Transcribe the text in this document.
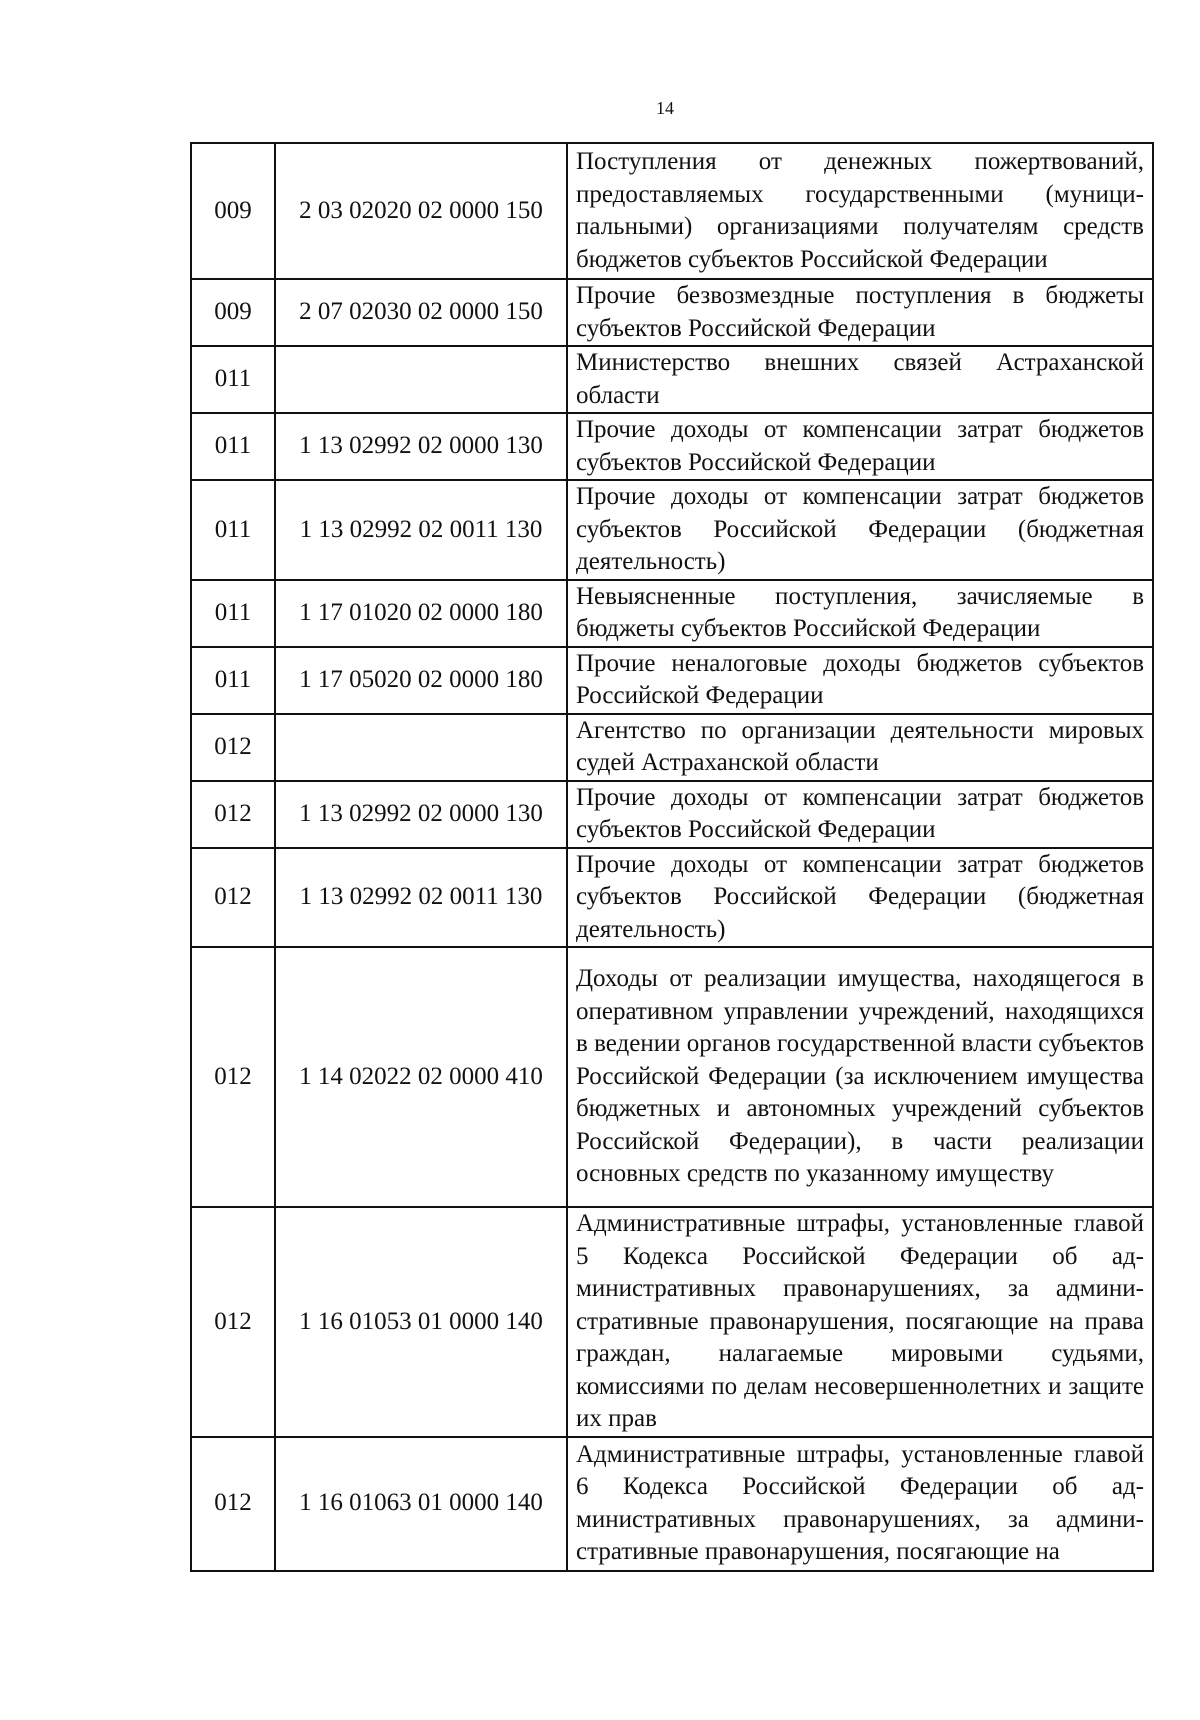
14
009	2 03 02020 02 0000 150	Поступления от денежных пожертвований, предоставляемых государственными (муниципальными) организациями получателям средств бюджетов субъектов Российской Федерации
009	2 07 02030 02 0000 150	Прочие безвозмездные поступления в бюджеты субъектов Российской Федерации
011		Министерство внешних связей Астраханской области
011	1 13 02992 02 0000 130	Прочие доходы от компенсации затрат бюджетов субъектов Российской Федерации
011	1 13 02992 02 0011 130	Прочие доходы от компенсации затрат бюджетов субъектов Российской Федерации (бюджетная деятельность)
011	1 17 01020 02 0000 180	Невыясненные поступления, зачисляемые в бюджеты субъектов Российской Федерации
011	1 17 05020 02 0000 180	Прочие неналоговые доходы бюджетов субъектов Российской Федерации
012		Агентство по организации деятельности мировых судей Астраханской области
012	1 13 02992 02 0000 130	Прочие доходы от компенсации затрат бюджетов субъектов Российской Федерации
012	1 13 02992 02 0011 130	Прочие доходы от компенсации затрат бюджетов субъектов Российской Федерации (бюджетная деятельность)
012	1 14 02022 02 0000 410	Доходы от реализации имущества, находящегося в оперативном управлении учреждений, находящихся в ведении органов государственной власти субъектов Российской Федерации (за исключением имущества бюджетных и автономных учреждений субъектов Российской Федерации), в части реализации основных средств по указанному имуществу
012	1 16 01053 01 0000 140	Административные штрафы, установленные главой 5 Кодекса Российской Федерации об административных правонарушениях, за административные правонарушения, посягающие на права граждан, налагаемые мировыми судьями, комиссиями по делам несовершеннолетних и защите их прав
012	1 16 01063 01 0000 140	Административные штрафы, установленные главой 6 Кодекса Российской Федерации об административных правонарушениях, за административные правонарушения, посягающие на
